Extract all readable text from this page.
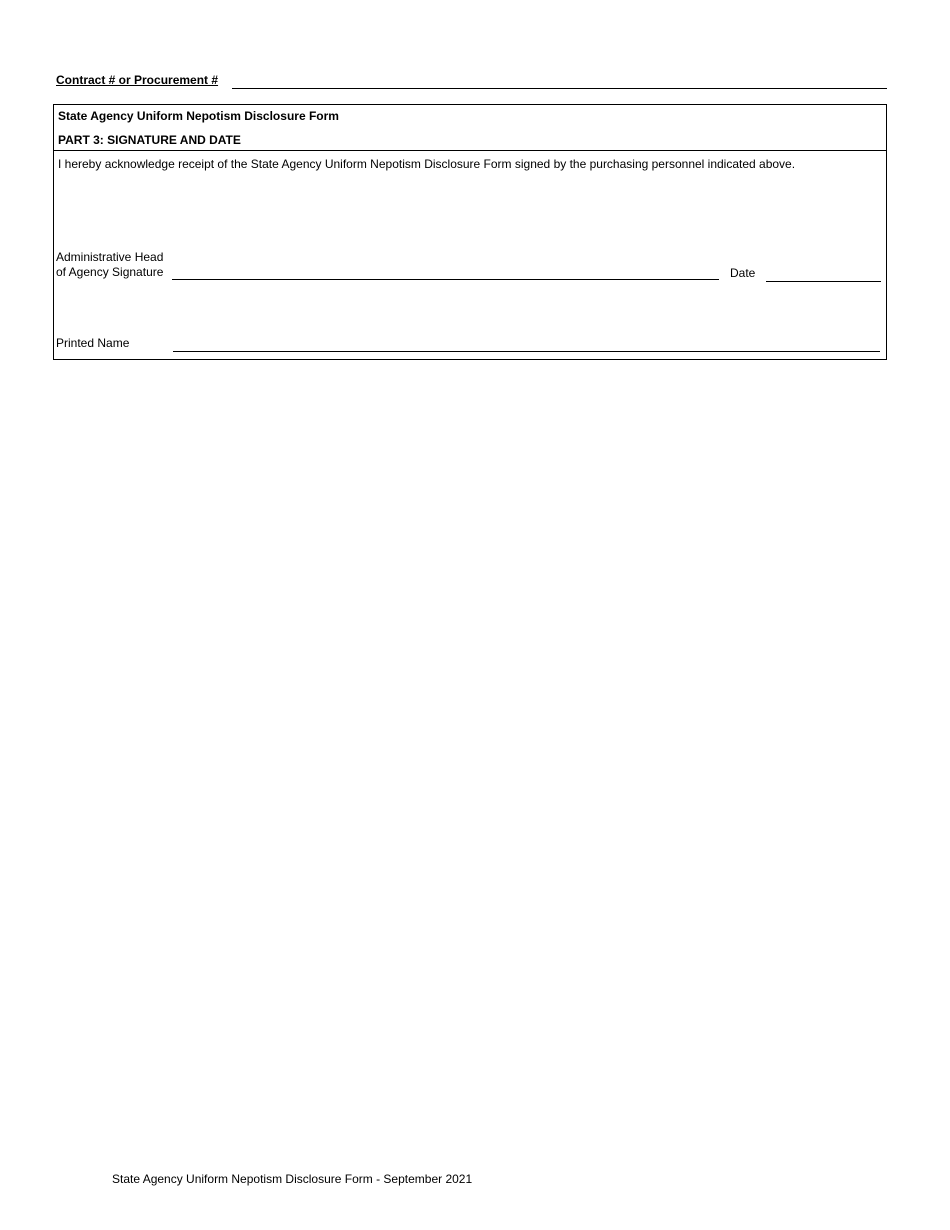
Contract # or Procurement #
State Agency Uniform Nepotism Disclosure Form
PART 3: SIGNATURE AND DATE
I hereby acknowledge receipt of the State Agency Uniform Nepotism Disclosure Form signed by the purchasing personnel indicated above.
Administrative Head
of Agency Signature	Date
Printed Name
State Agency Uniform Nepotism Disclosure Form - September 2021
